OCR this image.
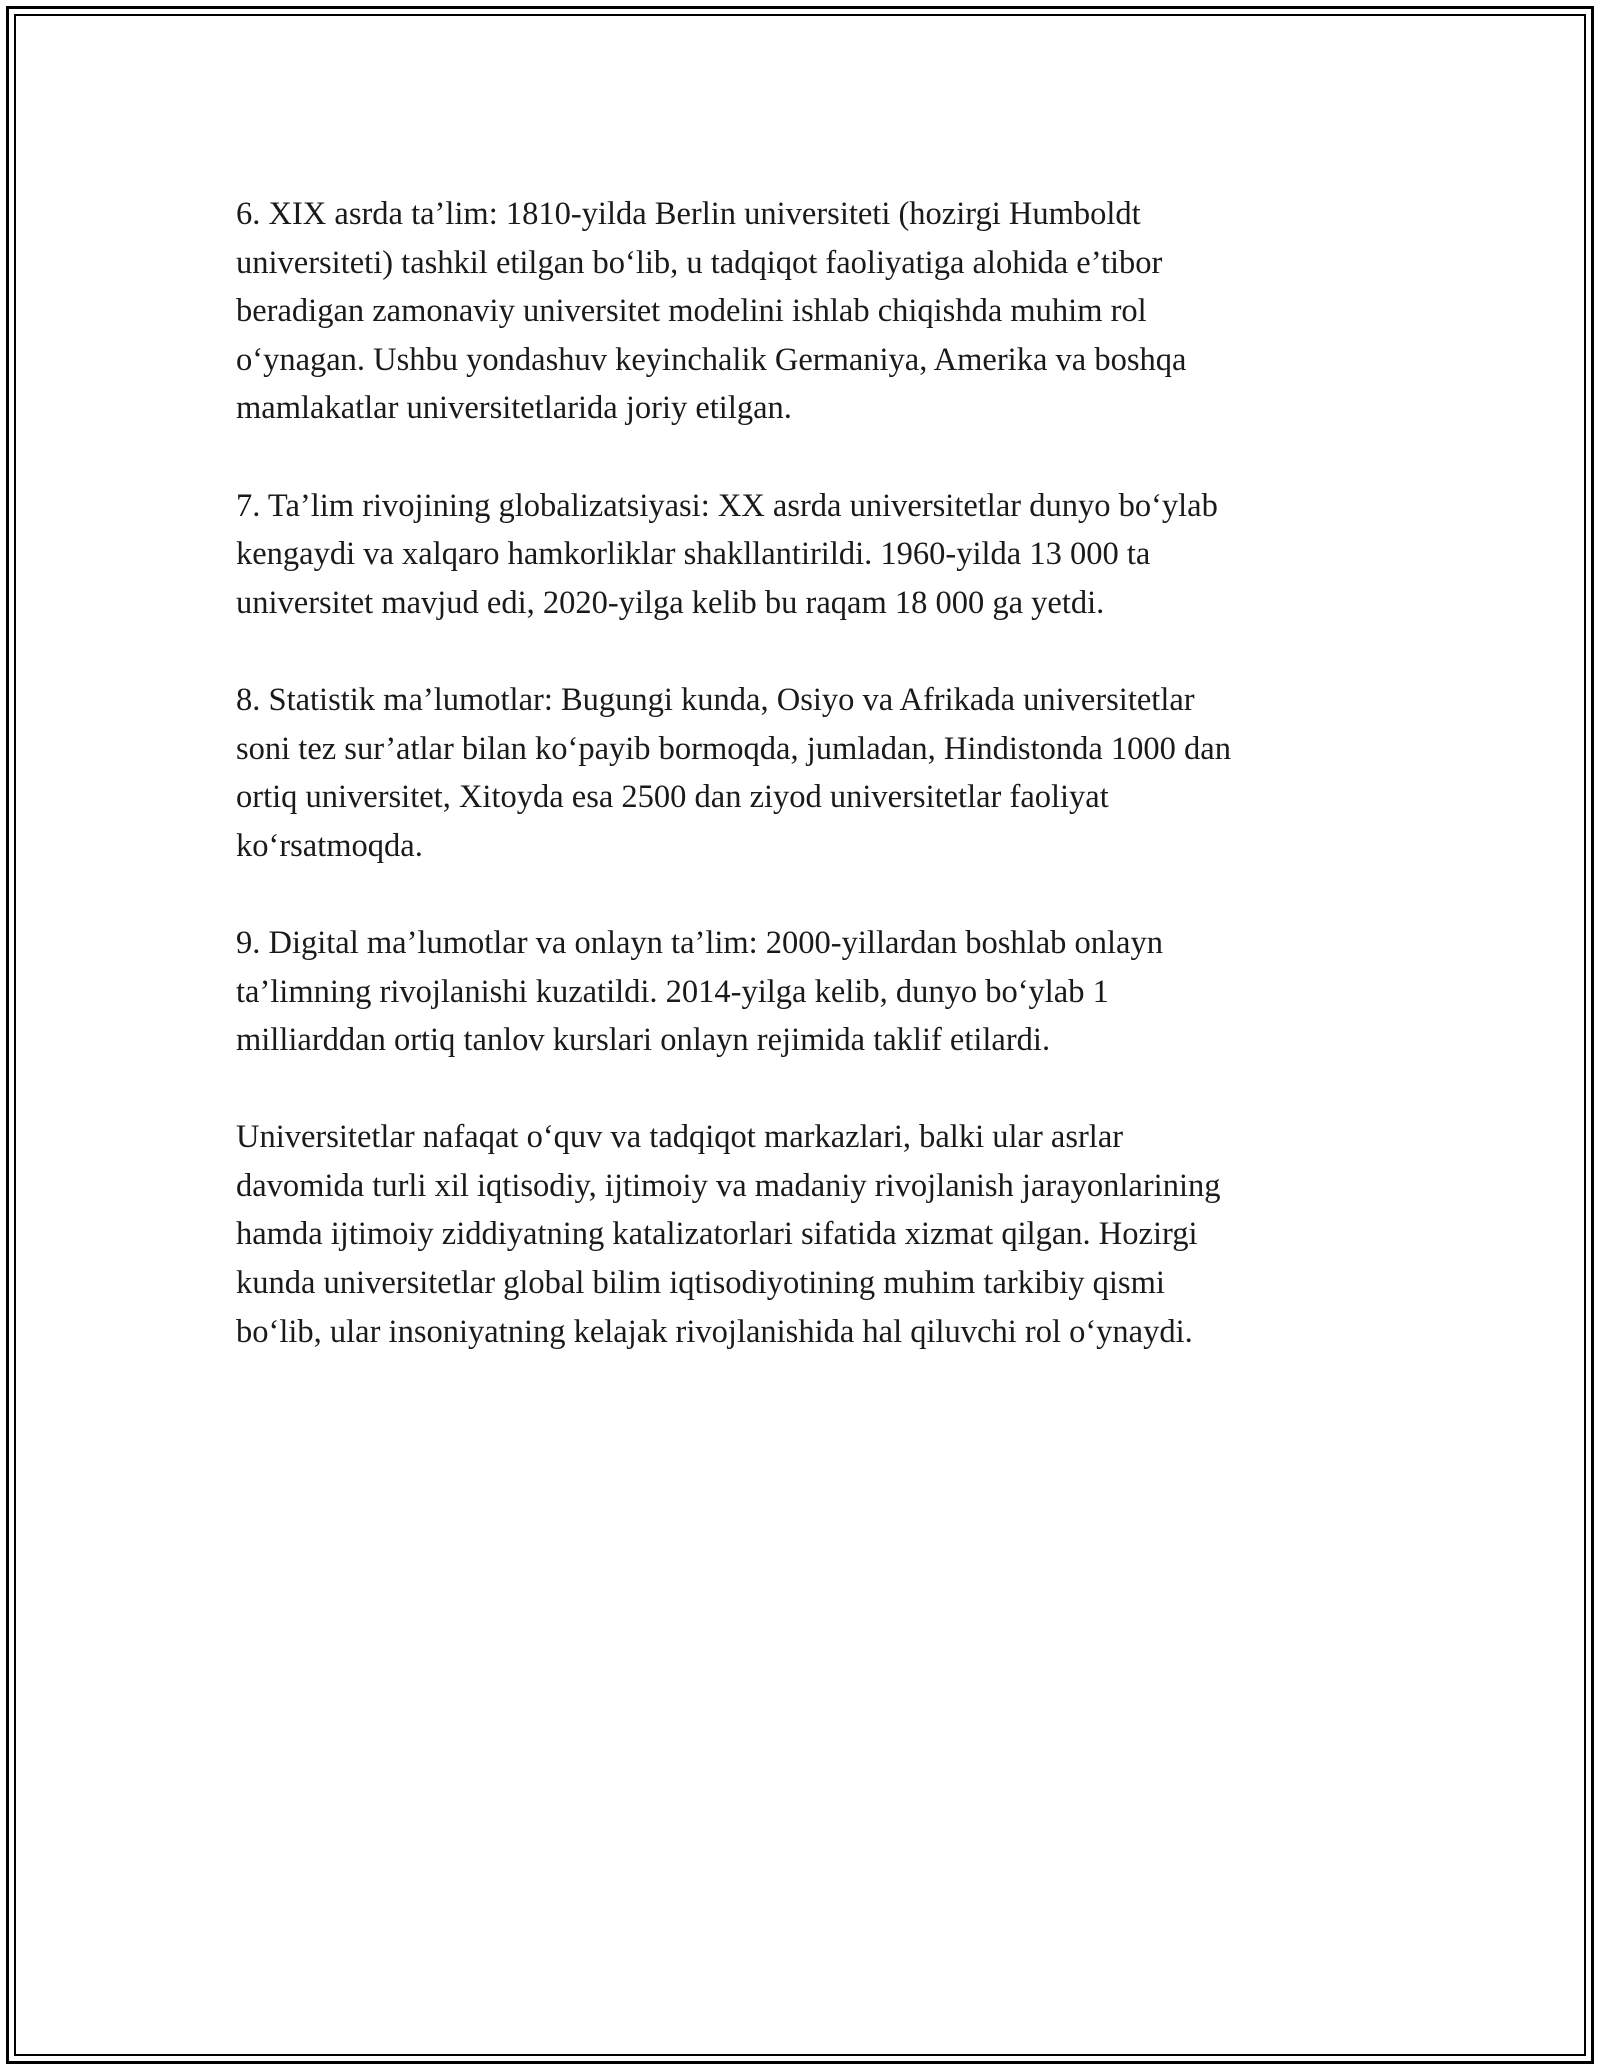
6. XIX asrda ta’lim: 1810-yilda Berlin universiteti (hozirgi Humboldt
universiteti) tashkil etilgan bo‘lib, u tadqiqot faoliyatiga alohida e’tibor
beradigan zamonaviy universitet modelini ishlab chiqishda muhim rol
o‘ynagan. Ushbu yondashuv keyinchalik Germaniya, Amerika va boshqa
mamlakatlar universitetlarida joriy etilgan.

7. Ta’lim rivojining globalizatsiyasi: XX asrda universitetlar dunyo bo‘ylab
kengaydi va xalqaro hamkorliklar shakllantirildi. 1960-yilda 13 000 ta
universitet mavjud edi, 2020-yilga kelib bu raqam 18 000 ga yetdi.

8. Statistik ma’lumotlar: Bugungi kunda, Osiyo va Afrikada universitetlar
soni tez sur’atlar bilan ko‘payib bormoqda, jumladan, Hindistonda 1000 dan
ortiq universitet, Xitoyda esa 2500 dan ziyod universitetlar faoliyat
ko‘rsatmoqda.

9. Digital ma’lumotlar va onlayn ta’lim: 2000-yillardan boshlab onlayn
ta’limning rivojlanishi kuzatildi. 2014-yilga kelib, dunyo bo‘ylab 1
milliarddan ortiq tanlov kurslari onlayn rejimida taklif etilardi.

Universitetlar nafaqat o‘quv va tadqiqot markazlari, balki ular asrlar
davomida turli xil iqtisodiy, ijtimoiy va madaniy rivojlanish jarayonlarining
hamda ijtimoiy ziddiyatning katalizatorlari sifatida xizmat qilgan. Hozirgi
kunda universitetlar global bilim iqtisodiyotining muhim tarkibiy qismi
bo‘lib, ular insoniyatning kelajak rivojlanishida hal qiluvchi rol o‘ynaydi.
